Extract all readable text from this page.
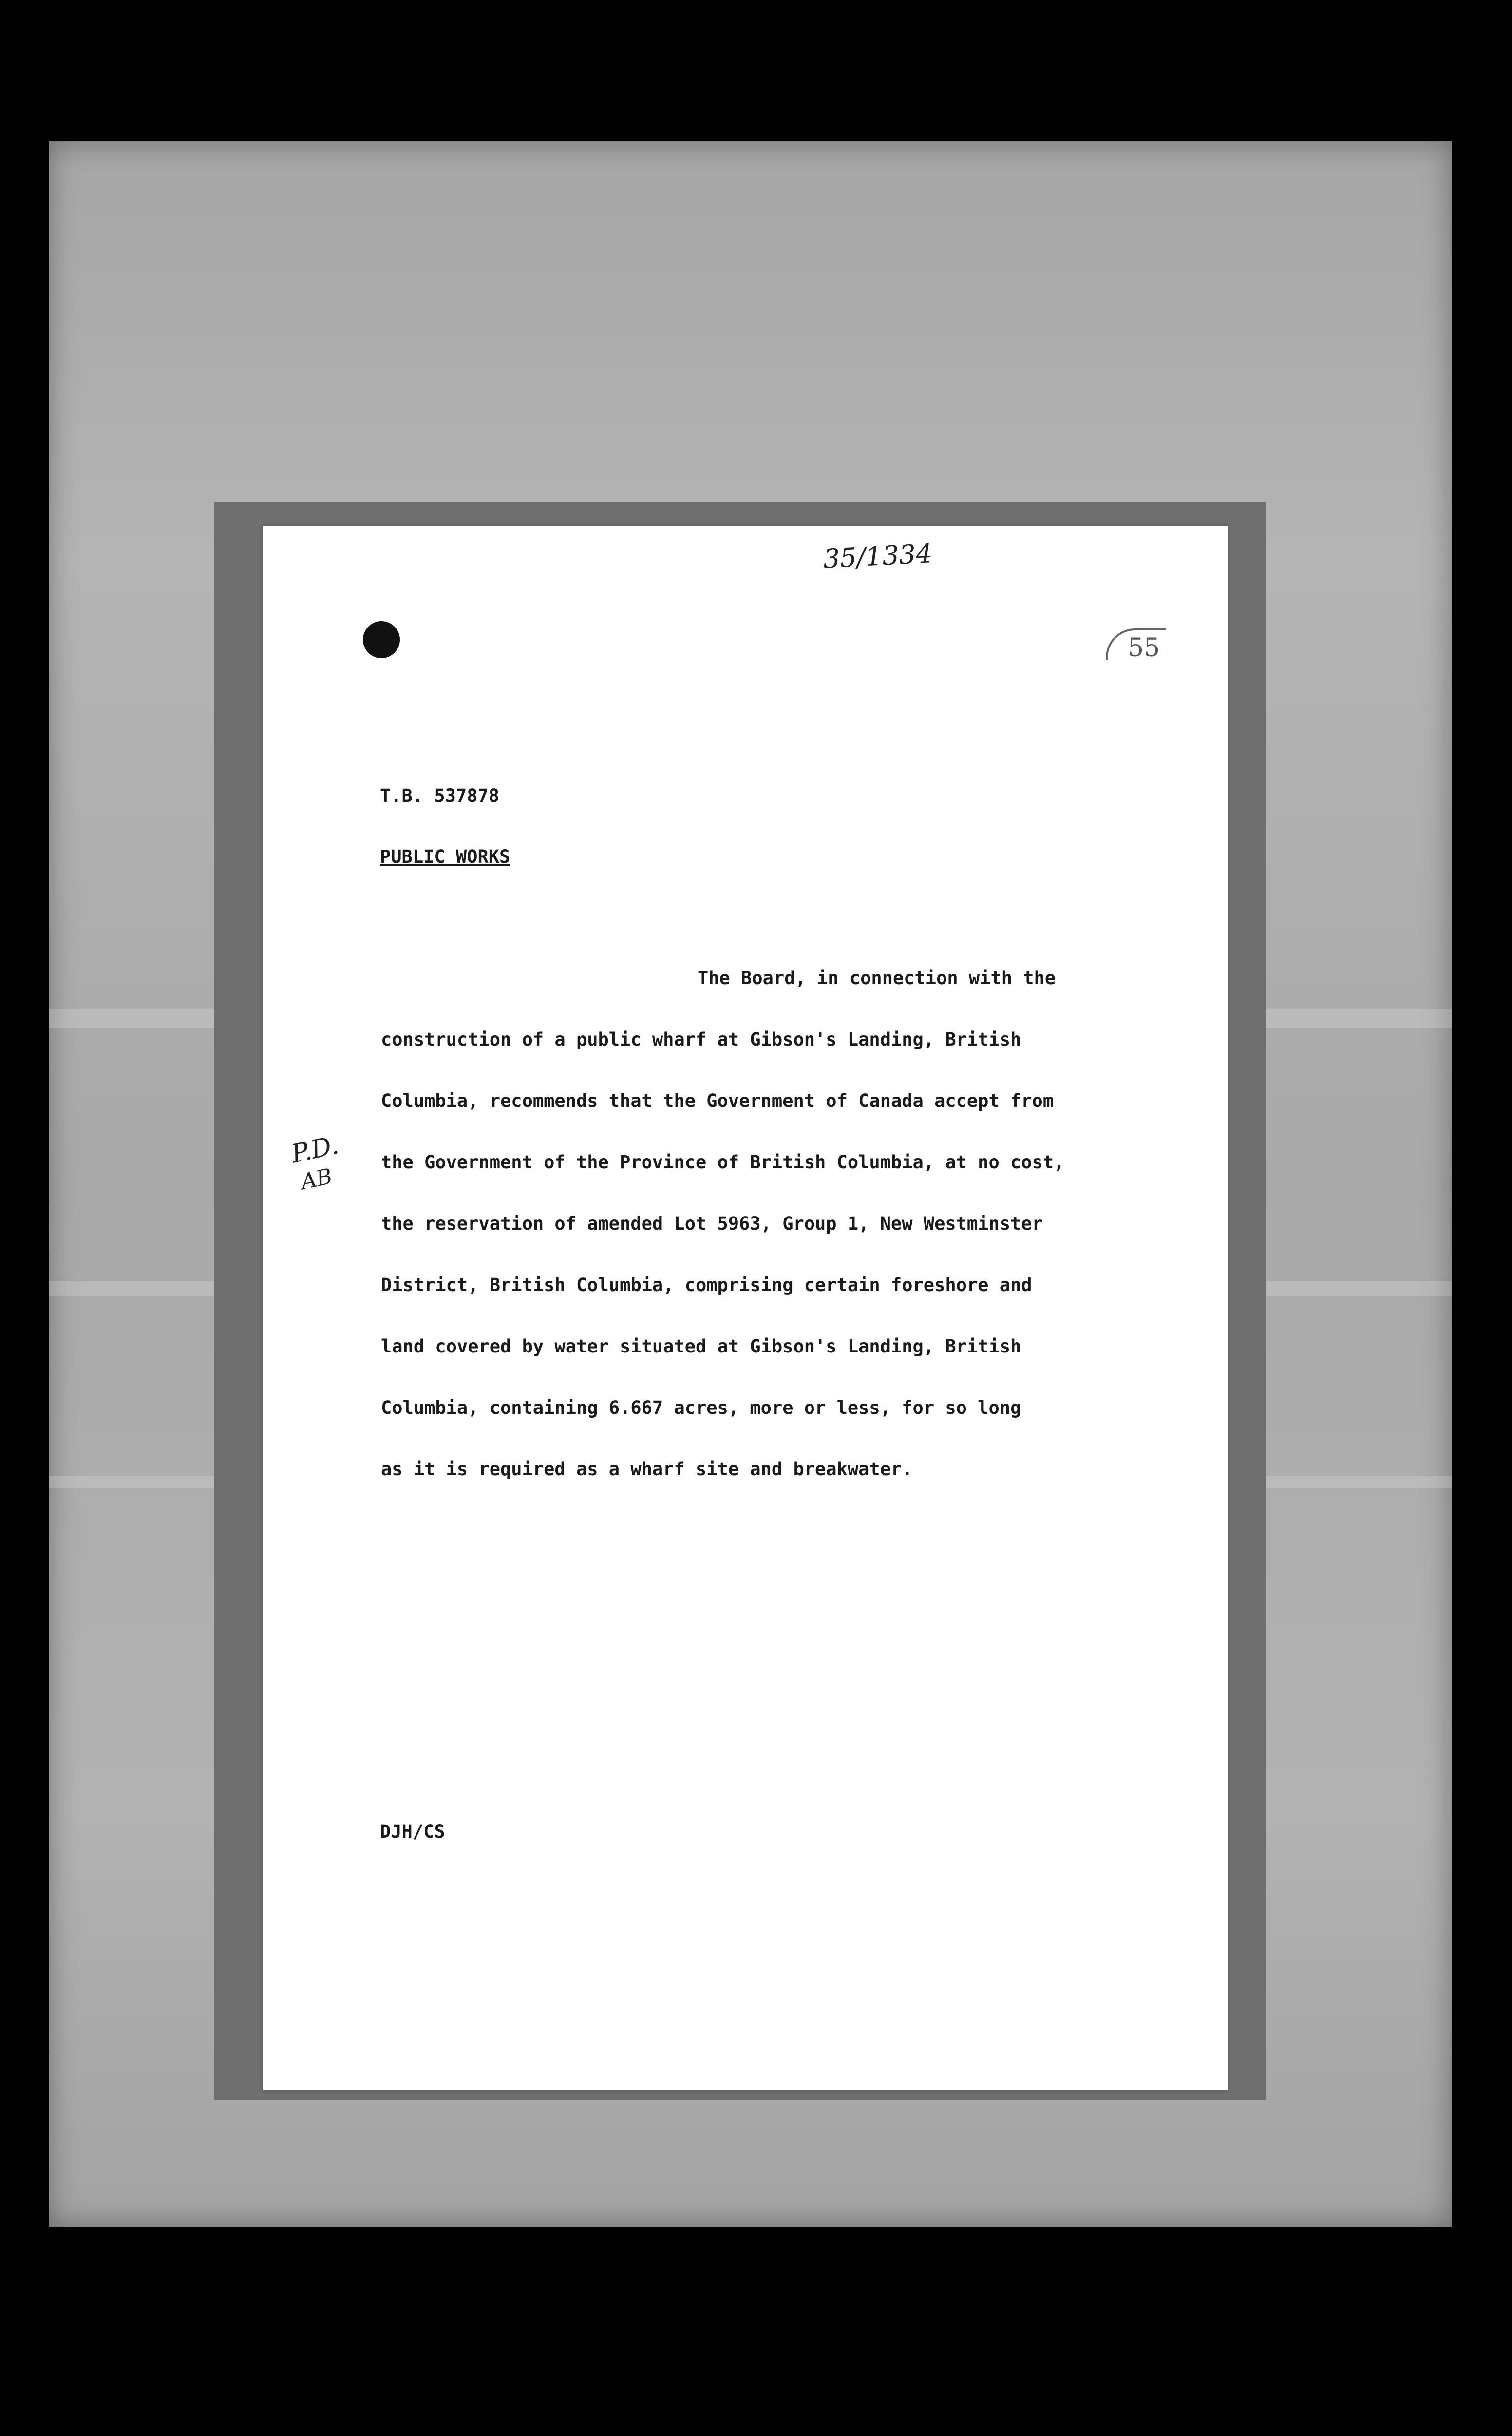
35/1334
55
T.B. 537878
PUBLIC WORKS
The Board, in connection with the
construction of a public wharf at Gibson's Landing, British
Columbia, recommends that the Government of Canada accept from
the Government of the Province of British Columbia, at no cost,
the reservation of amended Lot 5963, Group 1, New Westminster
District, British Columbia, comprising certain foreshore and
land covered by water situated at Gibson's Landing, British
Columbia, containing 6.667 acres, more or less, for so long
as it is required as a wharf site and breakwater.
P.D.
AB
DJH/CS
